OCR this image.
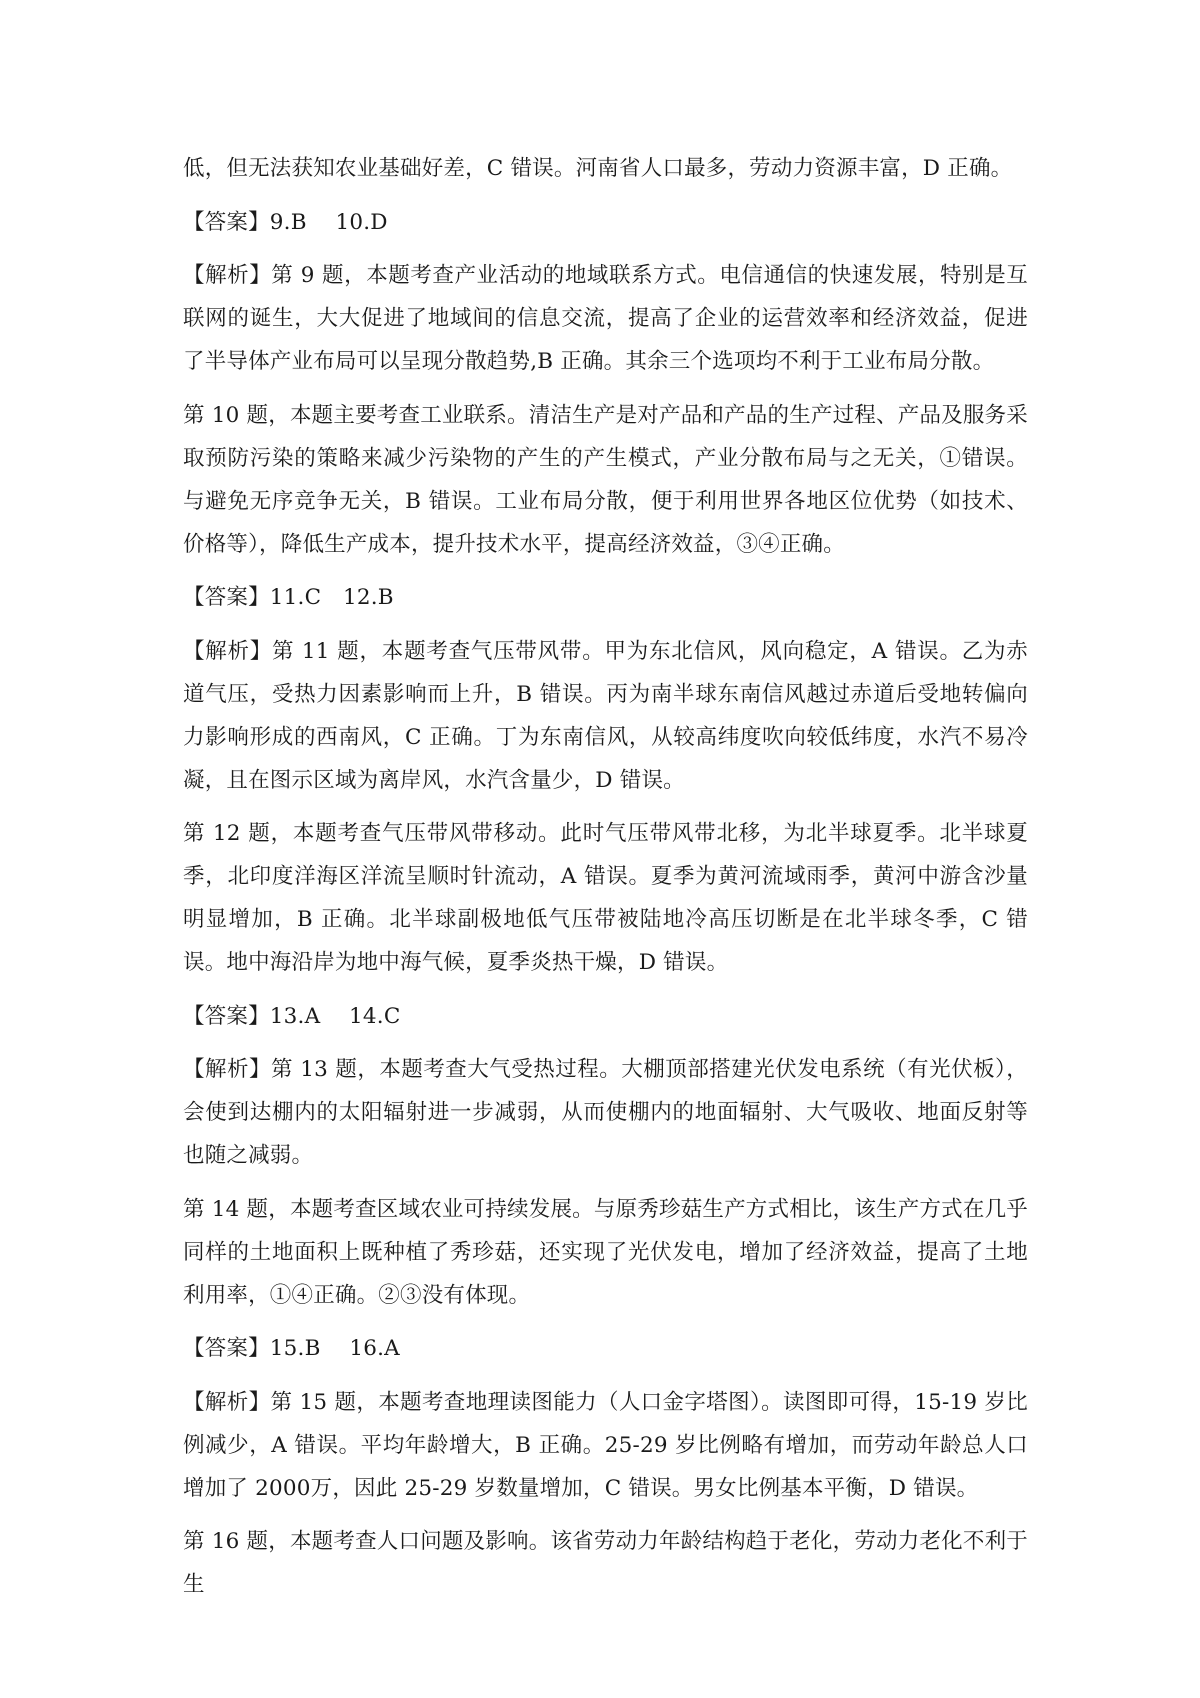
低，但无法获知农业基础好差，C 错误。河南省人口最多，劳动力资源丰富，D 正确。

【答案】9.B　 10.D

【解析】第 9 题，本题考查产业活动的地域联系方式。电信通信的快速发展，特别是互联网的诞生，大大促进了地域间的信息交流，提高了企业的运营效率和经济效益，促进了半导体产业布局可以呈现分散趋势,B 正确。其余三个选项均不利于工业布局分散。

第 10 题，本题主要考查工业联系。清洁生产是对产品和产品的生产过程、产品及服务采取预防污染的策略来减少污染物的产生的产生模式，产业分散布局与之无关，①错误。与避免无序竞争无关，B 错误。工业布局分散，便于利用世界各地区位优势（如技术、价格等），降低生产成本，提升技术水平，提高经济效益，③④正确。

【答案】11.C　12.B

【解析】第 11 题，本题考查气压带风带。甲为东北信风，风向稳定，A 错误。乙为赤道气压，受热力因素影响而上升，B 错误。丙为南半球东南信风越过赤道后受地转偏向力影响形成的西南风，C 正确。丁为东南信风，从较高纬度吹向较低纬度，水汽不易冷凝，且在图示区域为离岸风，水汽含量少，D 错误。

第 12 题，本题考查气压带风带移动。此时气压带风带北移，为北半球夏季。北半球夏季，北印度洋海区洋流呈顺时针流动，A 错误。夏季为黄河流域雨季，黄河中游含沙量明显增加，B 正确。北半球副极地低气压带被陆地冷高压切断是在北半球冬季，C 错误。地中海沿岸为地中海气候，夏季炎热干燥，D 错误。

【答案】13.A　 14.C

【解析】第 13 题，本题考查大气受热过程。大棚顶部搭建光伏发电系统（有光伏板），会使到达棚内的太阳辐射进一步减弱，从而使棚内的地面辐射、大气吸收、地面反射等也随之减弱。

第 14 题，本题考查区域农业可持续发展。与原秀珍菇生产方式相比，该生产方式在几乎同样的土地面积上既种植了秀珍菇，还实现了光伏发电，增加了经济效益，提高了土地利用率，①④正确。②③没有体现。

【答案】15.B　 16.A

【解析】第 15 题，本题考查地理读图能力（人口金字塔图）。读图即可得，15-19 岁比例减少，A 错误。平均年龄增大，B 正确。25-29 岁比例略有增加，而劳动年龄总人口增加了 2000万，因此 25-29 岁数量增加，C 错误。男女比例基本平衡，D 错误。

第 16 题，本题考查人口问题及影响。该省劳动力年龄结构趋于老化，劳动力老化不利于生
